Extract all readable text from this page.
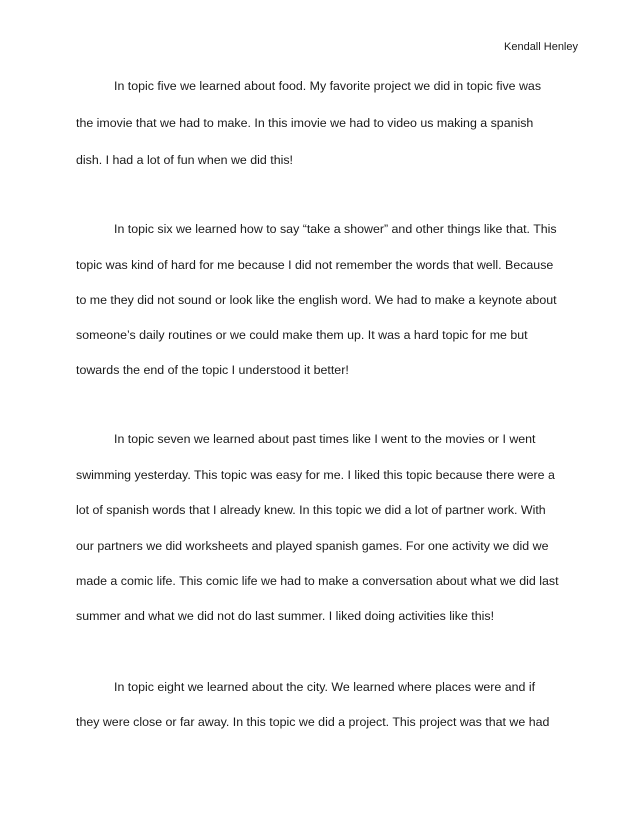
Kendall Henley
In topic five we learned about food. My favorite project we did in topic five was
the imovie that we had to make. In this imovie we had to video us making a spanish
dish. I had a lot of fun when we did this!
In topic six we learned how to say “take a shower” and other things like that. This
topic was kind of hard for me because I did not remember the words that well. Because
to me they did not sound or look like the english word. We had to make a keynote about
someone’s daily routines or we could make them up. It was a hard topic for me but
towards the end of the topic I understood it better!
In topic seven we learned about past times like I went to the movies or I went
swimming yesterday. This topic was easy for me. I liked this topic because there were a
lot of spanish words that I already knew. In this topic we did a lot of partner work. With
our partners we did worksheets and played spanish games. For one activity we did we
made a comic life. This comic life we had to make a conversation about what we did last
summer and what we did not do last summer. I liked doing activities like this!
In topic eight we learned about the city. We learned where places were and if
they were close or far away. In this topic we did a project. This project was that we had
